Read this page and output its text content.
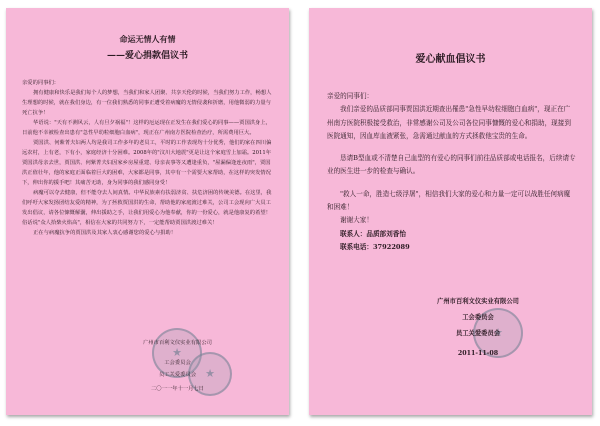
命运无情人有情
——爱心捐款倡议书

亲爱的同事们：

拥有健康和快乐是我们每个人的梦想，当我们和家人团聚、共享天伦的时候，当我们努力工作，畅想人生理想的时候，就在我们身边，有一位我们熟悉的同事正遭受着病魔的无情侵袭和折磨，用他微弱的力量与死亡抗争！

华语说："天有不测风云，人有旦夕祸福"！这样的厄运现在正发生在我们爱心的同事——贾国洪身上，日前他不幸被检查出患有"急性早幼粒细胞白血病"，现正在广州南方医院检查治疗，所需费用巨大。

贾国洪、何紫菁夫妇两人均是我司工作多年的老员工，平时的工作表现均十分优秀，他们的家在四川偏远农村，上有老，下有小，家庭经济十分困难。2008年的"汶川大地震"更是让这个家庭雪上加霜。2011年贾国洪母亲去世，贾国洪、何紫菁夫妇因家乡房屋重建、母亲丧事等又遭逢重负，"屋漏偏逢连夜雨"，贾国洪正值壮年，他的家庭正面临着巨大的困难，大家都是同事，其中有一个需要大家帮助，在这样的突发情况下，伸出你的援手吧！其痛苦无助，身为同事的我们感同身受！

病魔可以夺去健康，但不能夺去人间真情。中华民族素有扶弱济贫、扶危济困的传统美德。在这里，我们呼吁大家发扬团结友爱的精神，为了拯救贾国洪的生命，帮助他的家庭渡过难关，公司工会现向广大员工发出倡议，请各位慷慨解囊，伸出援助之手，让我们用爱心为他奉献，你的一份爱心，就是他康复的希望！俗话说"众人拾柴火焰高"，相信在大家的共同努力下，一定能帮助贾国洪渡过难关！

正在与病魔抗争的贾国洪及其家人衷心感谢您的爱心与捐助！

★
★
广州市百利文仪实业有限公司
工会委员会
员工关爱委员会
二〇一一年十一月七日
爱心献血倡议书

亲爱的同事们：

我们亲爱的品质部同事贾国洪近期查出罹患"急性早幼粒细胞白血病"，现正在广州南方医院积极接受救治，非常感谢公司及公司各位同事慷慨的爱心和捐助，现接到医院通知，因血库血液紧张，急需通过献血的方式拯救他宝贵的生命。

恳请B型血或不清楚自己血型的有爱心的同事们前往品质部或电话报名，后续请专业的医生进一步的检查与确认。

"救人一命，胜造七级浮屠"，相信我们大家的爱心和力量一定可以战胜任何病魔和困难！

谢谢大家！

联系人：品质部刘香怡

联系电话：37922089

★
广州市百利文仪实业有限公司
工会委员会
员工关爱委员会
2011-11-08
